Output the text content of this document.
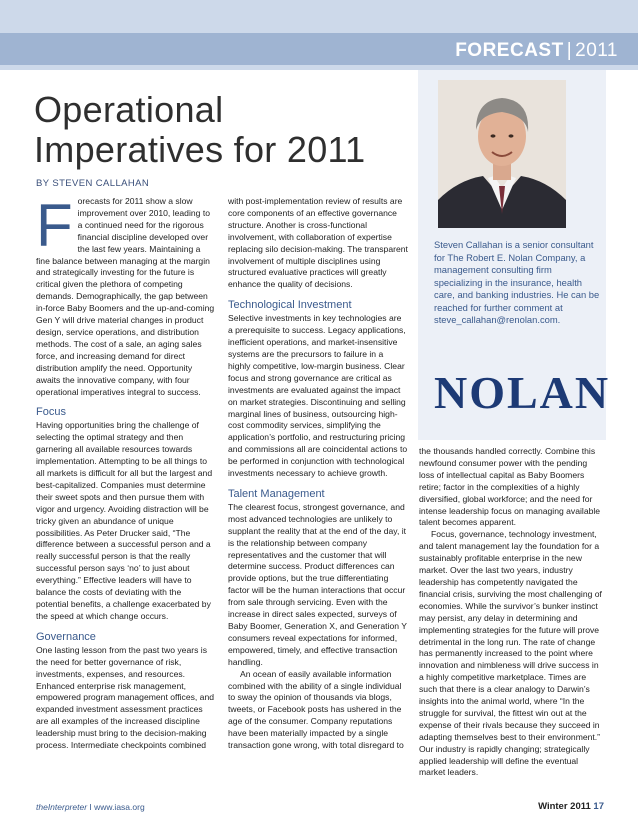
FORECAST | 2011
Operational
Imperatives for 2011
BY STEVEN CALLAHAN

Forecasts for 2011 show a slow improvement over 2010, leading to a continued need for the rigorous financial discipline developed over the last few years. Maintaining a fine balance between managing at the margin and strategically investing for the future is critical given the plethora of competing demands. Demographically, the gap between in-force Baby Boomers and the up-and-coming Gen Y will drive material changes in product design, service operations, and distribution methods. The cost of a sale, an aging sales force, and increasing demand for direct distribution amplify the need. Opportunity awaits the innovative company, with four operational imperatives integral to success.

Focus

Having opportunities bring the challenge of selecting the optimal strategy and then garnering all available resources towards implementation. Attempting to be all things to all markets is difficult for all but the largest and best-capitalized. Companies must determine their sweet spots and then pursue them with vigor and urgency. Avoiding distraction will be tricky given an abundance of unique possibilities. As Peter Drucker said, “The difference between a successful person and a really successful person is that the really successful person says ‘no’ to just about everything.” Effective leaders will have to balance the costs of deviating with the potential benefits, a challenge exacerbated by the speed at which change occurs.

Governance

One lasting lesson from the past two years is the need for better governance of risk, investments, expenses, and resources. Enhanced enterprise risk management, empowered program management offices, and expanded investment assessment practices are all examples of the increased discipline leadership must bring to the decision-making process. Intermediate checkpoints combined

with post-implementation review of results are core components of an effective governance structure. Another is cross-functional involvement, with collaboration of expertise replacing silo decision-making. The transparent involvement of multiple disciplines using structured evaluative practices will greatly enhance the quality of decisions.

Technological Investment

Selective investments in key technologies are a prerequisite to success. Legacy applications, inefficient operations, and market-insensitive systems are the precursors to failure in a highly competitive, low-margin business. Clear focus and strong governance are critical as investments are evaluated against the impact on market strategies. Discontinuing and selling marginal lines of business, outsourcing high-cost commodity services, simplifying the application’s portfolio, and restructuring pricing and commissions all are coincidental actions to be performed in conjunction with technological investments necessary to achieve growth.

Talent Management

The clearest focus, strongest governance, and most advanced technologies are unlikely to supplant the reality that at the end of the day, it is the relationship between company representatives and the customer that will determine success. Product differences can provide options, but the true differentiating factor will be the human interactions that occur from sale through servicing. Even with the increase in direct sales expected, surveys of Baby Boomer, Generation X, and Generation Y consumers reveal expectations for informed, empowered, timely, and effective transaction handling.

An ocean of easily available information combined with the ability of a single individual to sway the opinion of thousands via blogs, tweets, or Facebook posts has ushered in the age of the consumer. Company reputations have been materially impacted by a single transaction gone wrong, with total disregard to

Steven Callahan is a senior consultant for The Robert E. Nolan Company, a management consulting firm specializing in the insurance, health care, and banking industries. He can be reached for further comment at steve_callahan@renolan.com.
NOLAN

the thousands handled correctly. Combine this newfound consumer power with the pending loss of intellectual capital as Baby Boomers retire; factor in the complexities of a highly diversified, global workforce; and the need for intense leadership focus on managing available talent becomes apparent.

Focus, governance, technology investment, and talent management lay the foundation for a sustainably profitable enterprise in the new market. Over the last two years, industry leadership has competently navigated the financial crisis, surviving the most challenging of economies. While the survivor’s bunker instinct may persist, any delay in determining and implementing strategies for the future will prove detrimental in the long run. The rate of change has permanently increased to the point where innovation and nimbleness will drive success in a highly competitive marketplace. Times are such that there is a clear analogy to Darwin’s insights into the animal world, where “In the struggle for survival, the fittest win out at the expense of their rivals because they succeed in adapting themselves best to their environment.” Our industry is rapidly changing; strategically applied leadership will define the eventual market leaders.

theInterpreter I www.iasa.org	Winter 2011 17
